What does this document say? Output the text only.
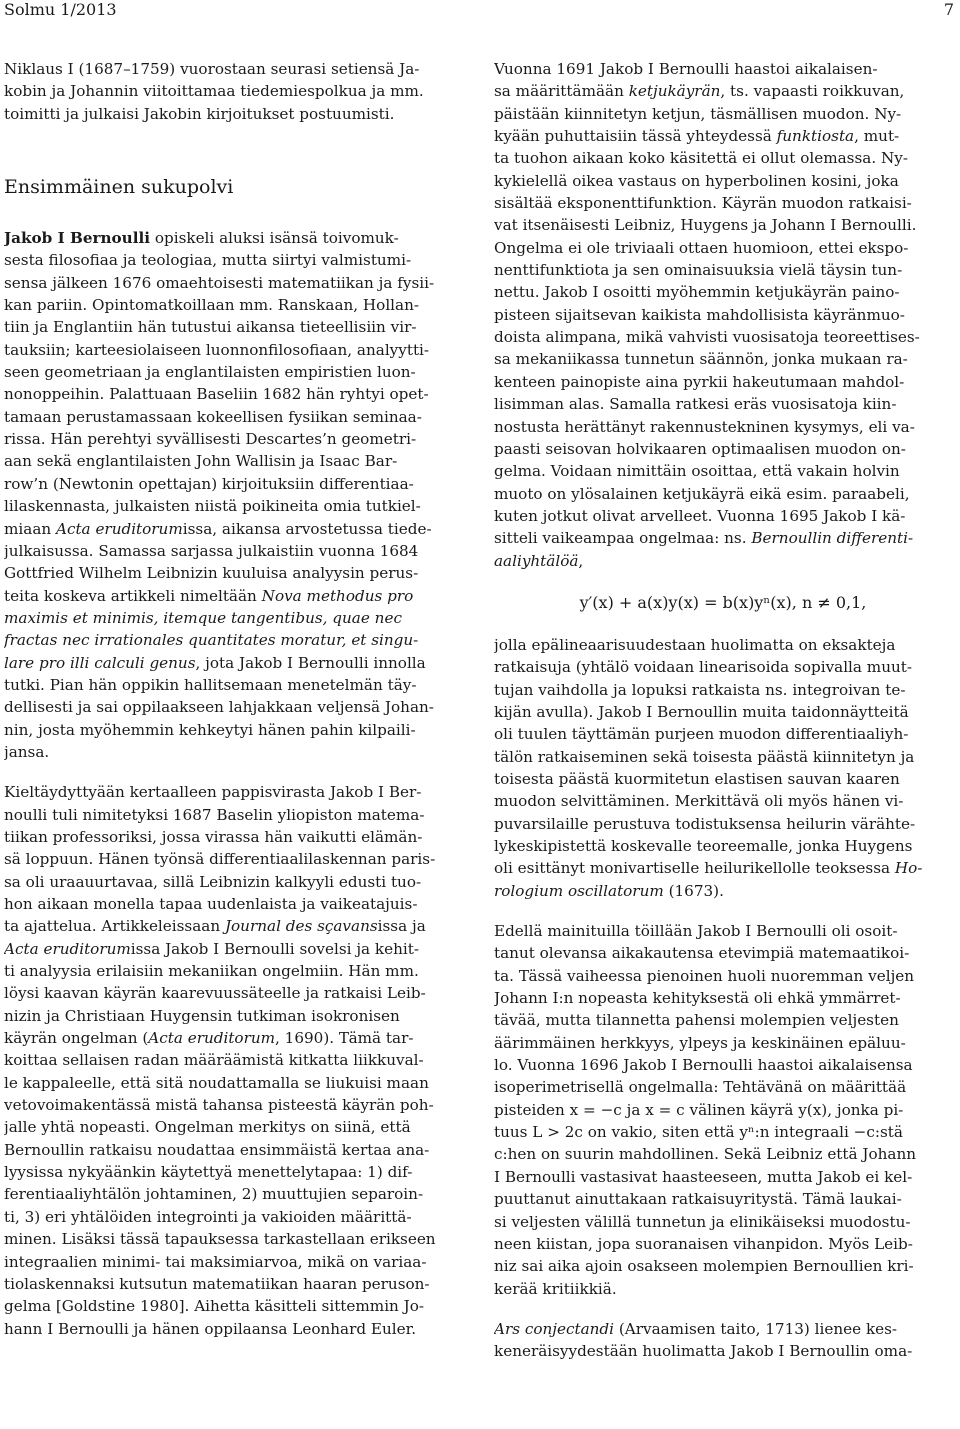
Solmu 1/2013	7
Niklaus I (1687–1759) vuorostaan seurasi setiensä Ja-
kobin ja Johannin viitoittamaa tiedemiespolkua ja mm.
toimitti ja julkaisi Jakobin kirjoitukset postuumisti.
Ensimmäinen sukupolvi
Jakob I Bernoulli opiskeli aluksi isänsä toivomuk-
sesta filosofiaa ja teologiaa, mutta siirtyi valmistumi-
sensa jälkeen 1676 omaehtoisesti matematiikan ja fysii-
kan pariin. Opintomatkoillaan mm. Ranskaan, Hollan-
tiin ja Englantiin hän tutustui aikansa tieteellisiin vir-
tauksiin; karteesiolaiseen luonnonfilosofiaan, analyytti-
seen geometriaan ja englantilaisten empiristien luon-
nonoppeihin. Palattuaan Baseliin 1682 hän ryhtyi opet-
tamaan perustamassaan kokeellisen fysiikan seminaa-
rissa. Hän perehtyi syvällisesti Descartes’n geometri-
aan sekä englantilaisten John Wallisin ja Isaac Bar-
row’n (Newtonin opettajan) kirjoituksiin differentiaa-
lilaskennasta, julkaisten niistä poikineita omia tutkiel-
miaan Acta eruditorumissa, aikansa arvostetussa tiede-
julkaisussa. Samassa sarjassa julkaistiin vuonna 1684
Gottfried Wilhelm Leibnizin kuuluisa analyysin perus-
teita koskeva artikkeli nimeltään Nova methodus pro
maximis et minimis, itemque tangentibus, quae nec
fractas nec irrationales quantitates moratur, et singu-
lare pro illi calculi genus, jota Jakob I Bernoulli innolla
tutki. Pian hän oppikin hallitsemaan menetelmän täy-
dellisesti ja sai oppilaakseen lahjakkaan veljensä Johan-
nin, josta myöhemmin kehkeytyi hänen pahin kilpaili-
jansa.
Kieltäydyttyään kertaalleen pappisvirasta Jakob I Ber-
noulli tuli nimitetyksi 1687 Baselin yliopiston matema-
tiikan professoriksi, jossa virassa hän vaikutti elämän-
sä loppuun. Hänen työnsä differentiaalilaskennan paris-
sa oli uraauurtavaa, sillä Leibnizin kalkyyli edusti tuo-
hon aikaan monella tapaa uudenlaista ja vaikeatajuis-
ta ajattelua. Artikkeleissaan Journal des sçavansissa ja
Acta eruditorumissa Jakob I Bernoulli sovelsi ja kehit-
ti analyysia erilaisiin mekaniikan ongelmiin. Hän mm.
löysi kaavan käyrän kaarevuussäteelle ja ratkaisi Leib-
nizin ja Christiaan Huygensin tutkiman isokronisen
käyrän ongelman (Acta eruditorum, 1690). Tämä tar-
koittaa sellaisen radan määräämistä kitkatta liikkuval-
le kappaleelle, että sitä noudattamalla se liukuisi maan
vetovoimakentässä mistä tahansa pisteestä käyrän poh-
jalle yhtä nopeasti. Ongelman merkitys on siinä, että
Bernoullin ratkaisu noudattaa ensimmäistä kertaa ana-
lyysissa nykyäänkin käytettyä menettelytapaa: 1) dif-
ferentiaaliyhtälön johtaminen, 2) muuttujien separoin-
ti, 3) eri yhtälöiden integrointi ja vakioiden määrittä-
minen. Lisäksi tässä tapauksessa tarkastellaan erikseen
integraalien minimi- tai maksimiarvoa, mikä on variaa-
tiolaskennaksi kutsutun matematiikan haaran peruson-
gelma [Goldstine 1980]. Aihetta käsitteli sittemmin Jo-
hann I Bernoulli ja hänen oppilaansa Leonhard Euler.
Vuonna 1691 Jakob I Bernoulli haastoi aikalaisen-
sa määrittämään ketjukäyrän, ts. vapaasti roikkuvan,
päistään kiinnitetyn ketjun, täsmällisen muodon. Ny-
kyään puhuttaisiin tässä yhteydessä funktiosta, mut-
ta tuohon aikaan koko käsitettä ei ollut olemassa. Ny-
kykielellä oikea vastaus on hyperbolinen kosini, joka
sisältää eksponenttifunktion. Käyrän muodon ratkaisi-
vat itsenäisesti Leibniz, Huygens ja Johann I Bernoulli.
Ongelma ei ole triviaali ottaen huomioon, ettei ekspo-
nenttifunktiota ja sen ominaisuuksia vielä täysin tun-
nettu. Jakob I osoitti myöhemmin ketjukäyrän paino-
pisteen sijaitsevan kaikista mahdollisista käyränmuo-
doista alimpana, mikä vahvisti vuosisatoja teoreettises-
sa mekaniikassa tunnetun säännön, jonka mukaan ra-
kenteen painopiste aina pyrkii hakeutumaan mahdol-
lisimman alas. Samalla ratkesi eräs vuosisatoja kiin-
nostusta herättänyt rakennustekninen kysymys, eli va-
paasti seisovan holvikaaren optimaalisen muodon on-
gelma. Voidaan nimittäin osoittaa, että vakain holvin
muoto on ylösalainen ketjukäyrä eikä esim. paraabeli,
kuten jotkut olivat arvelleet. Vuonna 1695 Jakob I kä-
sitteli vaikeampaa ongelmaa: ns. Bernoullin differenti-
aaliyhtälöä,
y′(x) + a(x)y(x) = b(x)yⁿ(x), n ≠ 0,1,
jolla epälineaarisuudestaan huolimatta on eksakteja
ratkaisuja (yhtälö voidaan linearisoida sopivalla muut-
tujan vaihdolla ja lopuksi ratkaista ns. integroivan te-
kijän avulla). Jakob I Bernoullin muita taidonnäytteitä
oli tuulen täyttämän purjeen muodon differentiaaliyh-
tälön ratkaiseminen sekä toisesta päästä kiinnitetyn ja
toisesta päästä kuormitetun elastisen sauvan kaaren
muodon selvittäminen. Merkittävä oli myös hänen vi-
puvarsilaille perustuva todistuksensa heilurin värähte-
lykeskipistettä koskevalle teoreemalle, jonka Huygens
oli esittänyt monivartiselle heilurikellolle teoksessa Ho-
rologium oscillatorum (1673).
Edellä mainituilla töillään Jakob I Bernoulli oli osoit-
tanut olevansa aikakautensa etevimpiä matemaatikoi-
ta. Tässä vaiheessa pienoinen huoli nuoremman veljen
Johann I:n nopeasta kehityksestä oli ehkä ymmärret-
tävää, mutta tilannetta pahensi molempien veljesten
äärimmäinen herkkyys, ylpeys ja keskinäinen epäluu-
lo. Vuonna 1696 Jakob I Bernoulli haastoi aikalaisensa
isoperimetrisellä ongelmalla: Tehtävänä on määrittää
pisteiden x = −c ja x = c välinen käyrä y(x), jonka pi-
tuus L > 2c on vakio, siten että yⁿ:n integraali −c:stä
c:hen on suurin mahdollinen. Sekä Leibniz että Johann
I Bernoulli vastasivat haasteeseen, mutta Jakob ei kel-
puuttanut ainuttakaan ratkaisuyritystä. Tämä laukai-
si veljesten välillä tunnetun ja elinikäiseksi muodostu-
neen kiistan, jopa suoranaisen vihanpidon. Myös Leib-
niz sai aika ajoin osakseen molempien Bernoullien kri-
kerää kritiikkiä.
Ars conjectandi (Arvaamisen taito, 1713) lienee kes-
keneräisyydestään huolimatta Jakob I Bernoullin oma-
